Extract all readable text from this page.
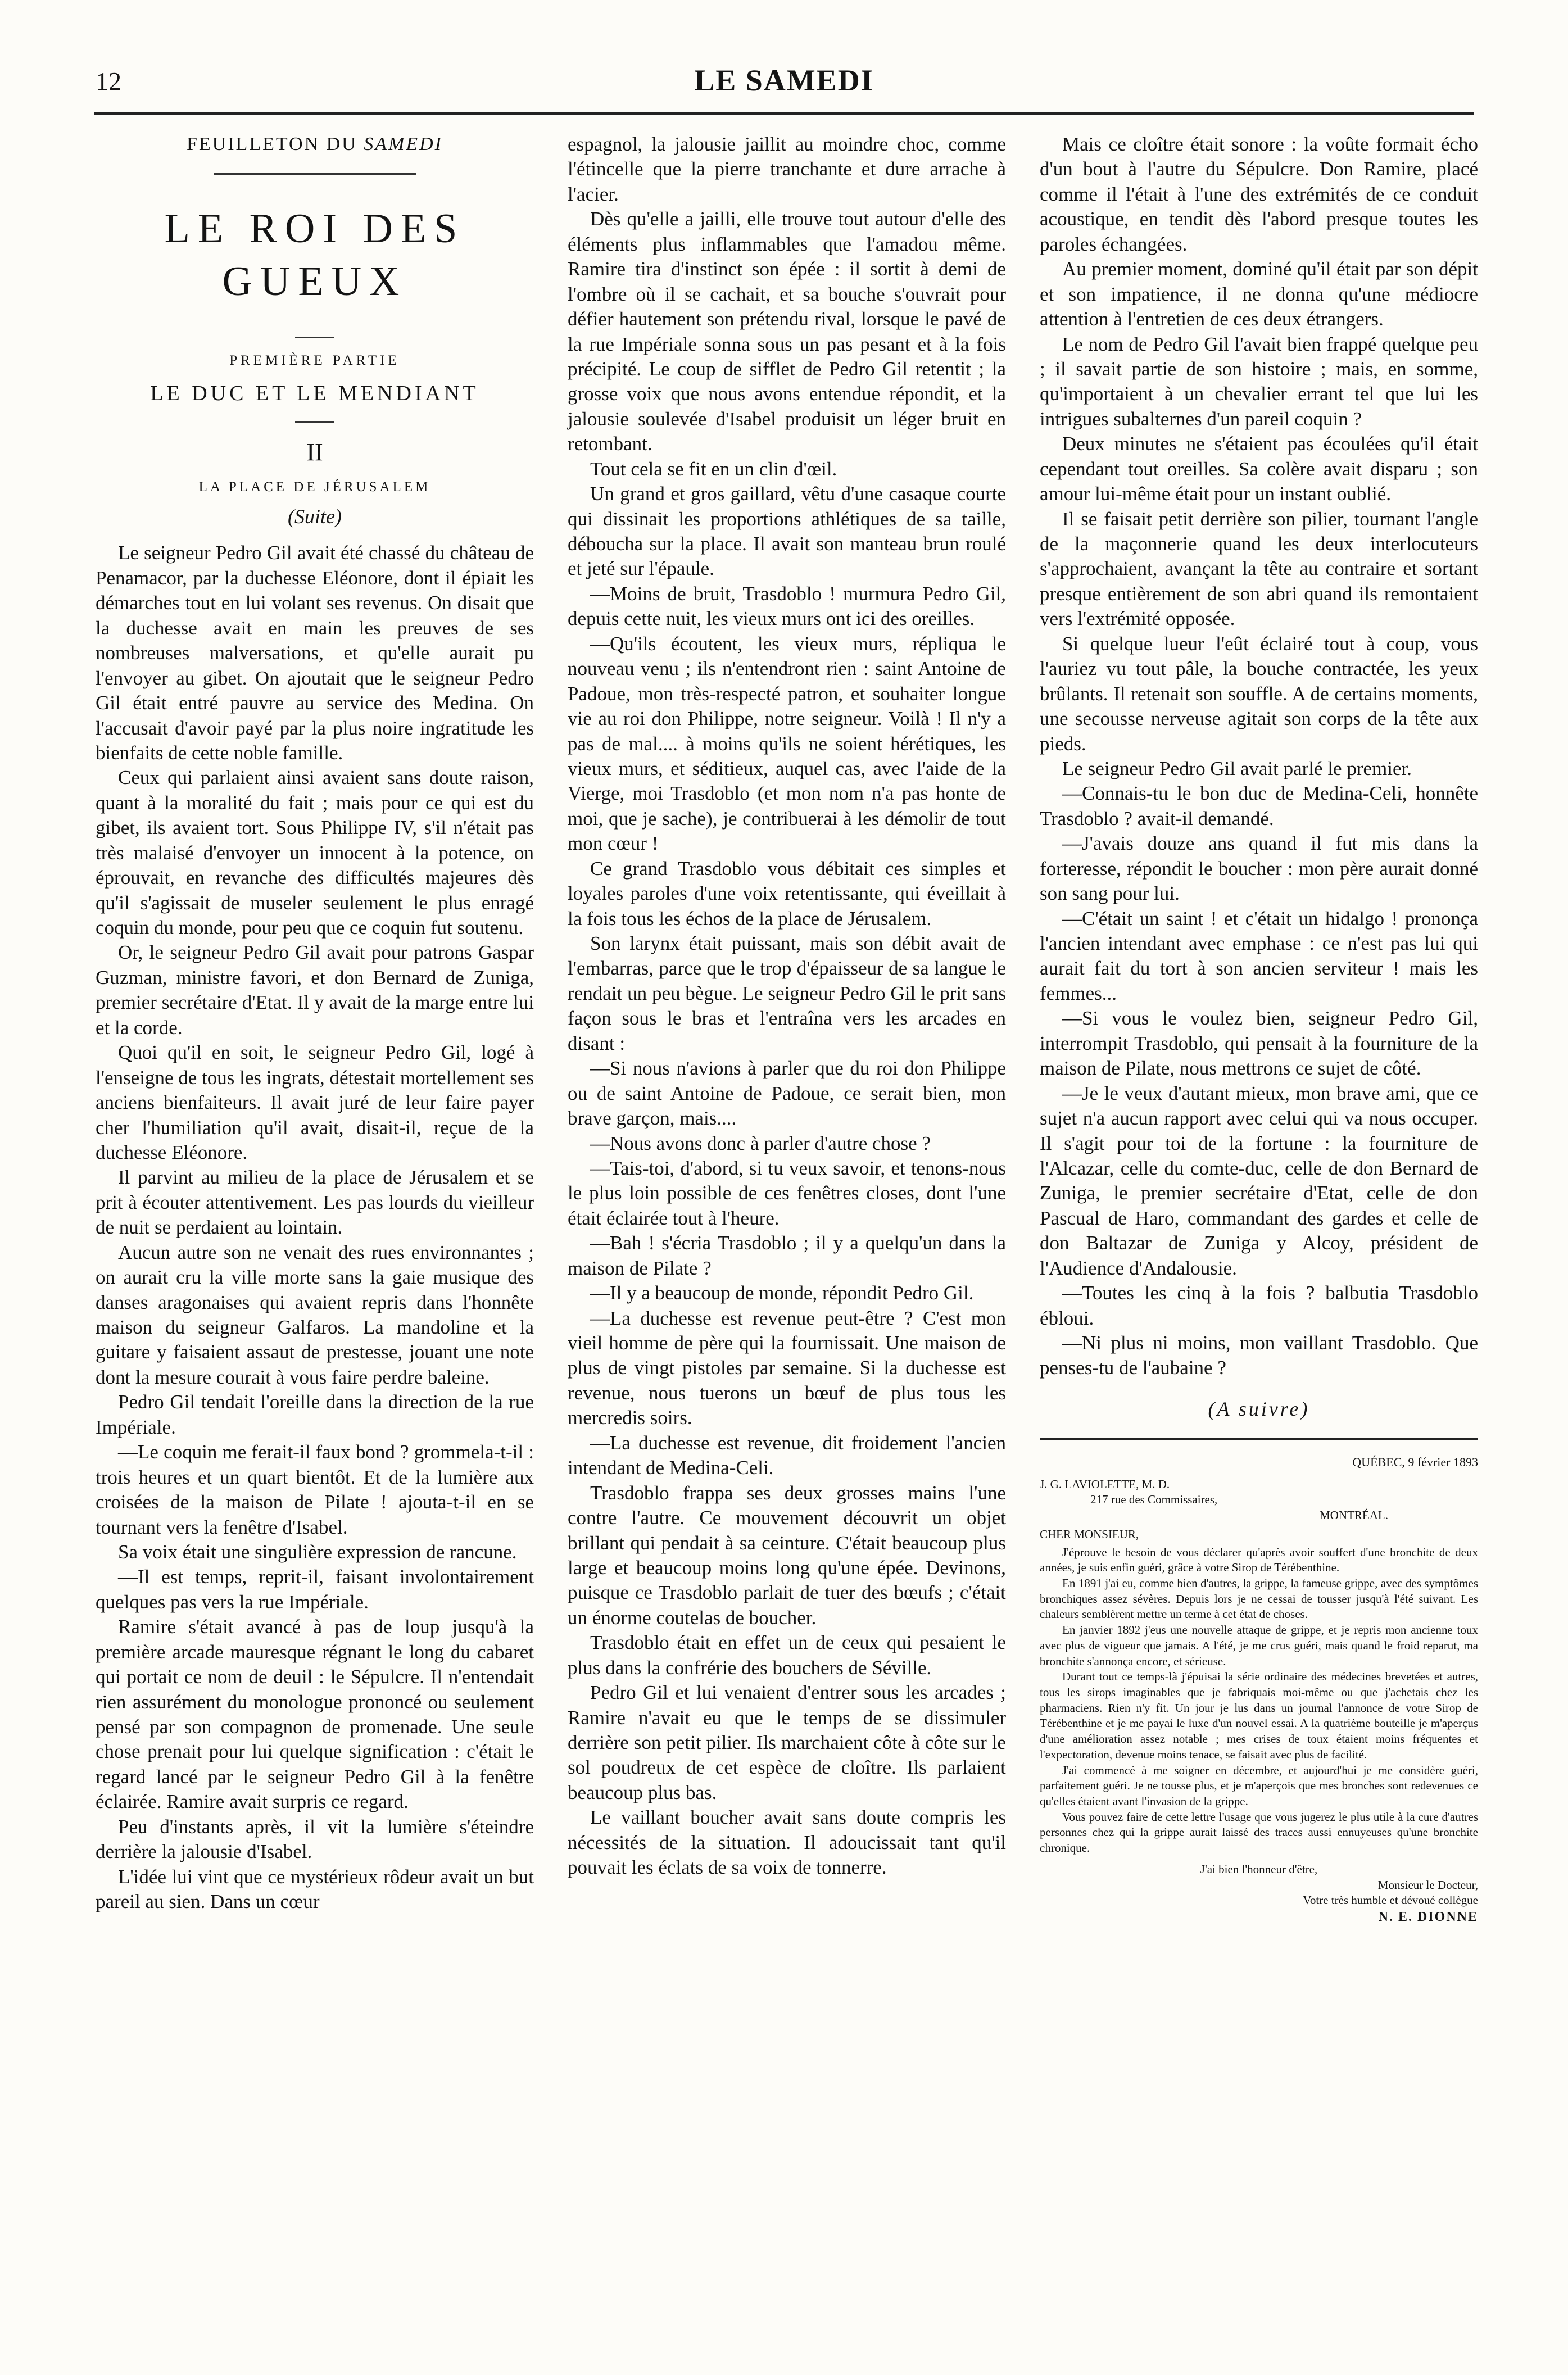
12	LE SAMEDI
FEUILLETON DU SAMEDI
LE ROI DES GUEUX
PREMIÈRE PARTIE
LE DUC ET LE MENDIANT
II
LA PLACE DE JÉRUSALEM
(Suite)

Le seigneur Pedro Gil avait été chassé du château de Penamacor, par la duchesse Eléonore, dont il épiait les démarches tout en lui volant ses revenus. On disait que la duchesse avait en main les preuves de ses nombreuses malversations, et qu'elle aurait pu l'envoyer au gibet. On ajoutait que le seigneur Pedro Gil était entré pauvre au service des Medina. On l'accusait d'avoir payé par la plus noire ingratitude les bienfaits de cette noble famille.

Ceux qui parlaient ainsi avaient sans doute raison, quant à la moralité du fait ; mais pour ce qui est du gibet, ils avaient tort. Sous Philippe IV, s'il n'était pas très malaisé d'envoyer un innocent à la potence, on éprouvait, en revanche des difficultés majeures dès qu'il s'agissait de museler seulement le plus enragé coquin du monde, pour peu que ce coquin fut soutenu.

Or, le seigneur Pedro Gil avait pour patrons Gaspar Guzman, ministre favori, et don Bernard de Zuniga, premier secrétaire d'Etat. Il y avait de la marge entre lui et la corde.

Quoi qu'il en soit, le seigneur Pedro Gil, logé à l'enseigne de tous les ingrats, détestait mortellement ses anciens bienfaiteurs. Il avait juré de leur faire payer cher l'humiliation qu'il avait, disait-il, reçue de la duchesse Eléonore.

Il parvint au milieu de la place de Jérusalem et se prit à écouter attentivement. Les pas lourds du vieilleur de nuit se perdaient au lointain.

Aucun autre son ne venait des rues environnantes ; on aurait cru la ville morte sans la gaie musique des danses aragonaises qui avaient repris dans l'honnête maison du seigneur Galfaros. La mandoline et la guitare y faisaient assaut de prestesse, jouant une note dont la mesure courait à vous faire perdre baleine.

Pedro Gil tendait l'oreille dans la direction de la rue Impériale.

—Le coquin me ferait-il faux bond ? grommela-t-il : trois heures et un quart bientôt. Et de la lumière aux croisées de la maison de Pilate ! ajouta-t-il en se tournant vers la fenêtre d'Isabel.

Sa voix était une singulière expression de rancune.

—Il est temps, reprit-il, faisant involontairement quelques pas vers la rue Impériale.

Ramire s'était avancé à pas de loup jusqu'à la première arcade mauresque régnant le long du cabaret qui portait ce nom de deuil : le Sépulcre. Il n'entendait rien assurément du monologue prononcé ou seulement pensé par son compagnon de promenade. Une seule chose prenait pour lui quelque signification : c'était le regard lancé par le seigneur Pedro Gil à la fenêtre éclairée. Ramire avait surpris ce regard.

Peu d'instants après, il vit la lumière s'éteindre derrière la jalousie d'Isabel.

L'idée lui vint que ce mystérieux rôdeur avait un but pareil au sien. Dans un cœur

espagnol, la jalousie jaillit au moindre choc, comme l'étincelle que la pierre tranchante et dure arrache à l'acier.

Dès qu'elle a jailli, elle trouve tout autour d'elle des éléments plus inflammables que l'amadou même. Ramire tira d'instinct son épée : il sortit à demi de l'ombre où il se cachait, et sa bouche s'ouvrait pour défier hautement son prétendu rival, lorsque le pavé de la rue Impériale sonna sous un pas pesant et à la fois précipité. Le coup de sifflet de Pedro Gil retentit ; la grosse voix que nous avons entendue répondit, et la jalousie soulevée d'Isabel produisit un léger bruit en retombant.

Tout cela se fit en un clin d'œil.

Un grand et gros gaillard, vêtu d'une casaque courte qui dissinait les proportions athlétiques de sa taille, déboucha sur la place. Il avait son manteau brun roulé et jeté sur l'épaule.

—Moins de bruit, Trasdoblo ! murmura Pedro Gil, depuis cette nuit, les vieux murs ont ici des oreilles.

—Qu'ils écoutent, les vieux murs, répliqua le nouveau venu ; ils n'entendront rien : saint Antoine de Padoue, mon très-respecté patron, et souhaiter longue vie au roi don Philippe, notre seigneur. Voilà ! Il n'y a pas de mal.... à moins qu'ils ne soient hérétiques, les vieux murs, et séditieux, auquel cas, avec l'aide de la Vierge, moi Trasdoblo (et mon nom n'a pas honte de moi, que je sache), je contribuerai à les démolir de tout mon cœur !

Ce grand Trasdoblo vous débitait ces simples et loyales paroles d'une voix retentissante, qui éveillait à la fois tous les échos de la place de Jérusalem.

Son larynx était puissant, mais son débit avait de l'embarras, parce que le trop d'épaisseur de sa langue le rendait un peu bègue. Le seigneur Pedro Gil le prit sans façon sous le bras et l'entraîna vers les arcades en disant :

—Si nous n'avions à parler que du roi don Philippe ou de saint Antoine de Padoue, ce serait bien, mon brave garçon, mais....

—Nous avons donc à parler d'autre chose ?

—Tais-toi, d'abord, si tu veux savoir, et tenons-nous le plus loin possible de ces fenêtres closes, dont l'une était éclairée tout à l'heure.

—Bah ! s'écria Trasdoblo ; il y a quelqu'un dans la maison de Pilate ?

—Il y a beaucoup de monde, répondit Pedro Gil.

—La duchesse est revenue peut-être ? C'est mon vieil homme de père qui la fournissait. Une maison de plus de vingt pistoles par semaine. Si la duchesse est revenue, nous tuerons un bœuf de plus tous les mercredis soirs.

—La duchesse est revenue, dit froidement l'ancien intendant de Medina-Celi.

Trasdoblo frappa ses deux grosses mains l'une contre l'autre. Ce mouvement découvrit un objet brillant qui pendait à sa ceinture. C'était beaucoup plus large et beaucoup moins long qu'une épée. Devinons, puisque ce Trasdoblo parlait de tuer des bœufs ; c'était un énorme coutelas de boucher.

Trasdoblo était en effet un de ceux qui pesaient le plus dans la confrérie des bouchers de Séville.

Pedro Gil et lui venaient d'entrer sous les arcades ; Ramire n'avait eu que le temps de se dissimuler derrière son petit pilier. Ils marchaient côte à côte sur le sol poudreux de cet espèce de cloître. Ils parlaient beaucoup plus bas.

Le vaillant boucher avait sans doute compris les nécessités de la situation. Il adoucissait tant qu'il pouvait les éclats de sa voix de tonnerre.

Mais ce cloître était sonore : la voûte formait écho d'un bout à l'autre du Sépulcre. Don Ramire, placé comme il l'était à l'une des extrémités de ce conduit acoustique, en tendit dès l'abord presque toutes les paroles échangées.

Au premier moment, dominé qu'il était par son dépit et son impatience, il ne donna qu'une médiocre attention à l'entretien de ces deux étrangers.

Le nom de Pedro Gil l'avait bien frappé quelque peu ; il savait partie de son histoire ; mais, en somme, qu'importaient à un chevalier errant tel que lui les intrigues subalternes d'un pareil coquin ?

Deux minutes ne s'étaient pas écoulées qu'il était cependant tout oreilles. Sa colère avait disparu ; son amour lui-même était pour un instant oublié.

Il se faisait petit derrière son pilier, tournant l'angle de la maçonnerie quand les deux interlocuteurs s'approchaient, avançant la tête au contraire et sortant presque entièrement de son abri quand ils remontaient vers l'extrémité opposée.

Si quelque lueur l'eût éclairé tout à coup, vous l'auriez vu tout pâle, la bouche contractée, les yeux brûlants. Il retenait son souffle. A de certains moments, une secousse nerveuse agitait son corps de la tête aux pieds.

Le seigneur Pedro Gil avait parlé le premier.

—Connais-tu le bon duc de Medina-Celi, honnête Trasdoblo ? avait-il demandé.

—J'avais douze ans quand il fut mis dans la forteresse, répondit le boucher : mon père aurait donné son sang pour lui.

—C'était un saint ! et c'était un hidalgo ! prononça l'ancien intendant avec emphase : ce n'est pas lui qui aurait fait du tort à son ancien serviteur ! mais les femmes...

—Si vous le voulez bien, seigneur Pedro Gil, interrompit Trasdoblo, qui pensait à la fourniture de la maison de Pilate, nous mettrons ce sujet de côté.

—Je le veux d'autant mieux, mon brave ami, que ce sujet n'a aucun rapport avec celui qui va nous occuper. Il s'agit pour toi de la fortune : la fourniture de l'Alcazar, celle du comte-duc, celle de don Bernard de Zuniga, le premier secrétaire d'Etat, celle de don Pascual de Haro, commandant des gardes et celle de don Baltazar de Zuniga y Alcoy, président de l'Audience d'Andalousie.

—Toutes les cinq à la fois ? balbutia Trasdoblo ébloui.

—Ni plus ni moins, mon vaillant Trasdoblo. Que penses-tu de l'aubaine ?

(A suivre)
QUÉBEC, 9 février 1893
J. G. LAVIOLETTE, M. D.
217 rue des Commissaires,
MONTRÉAL.
CHER MONSIEUR,

J'éprouve le besoin de vous déclarer qu'après avoir souffert d'une bronchite de deux années, je suis enfin guéri, grâce à votre Sirop de Térébenthine.

En 1891 j'ai eu, comme bien d'autres, la grippe, la fameuse grippe, avec des symptômes bronchiques assez sévères. Depuis lors je ne cessai de tousser jusqu'à l'été suivant. Les chaleurs semblèrent mettre un terme à cet état de choses.

En janvier 1892 j'eus une nouvelle attaque de grippe, et je repris mon ancienne toux avec plus de vigueur que jamais. A l'été, je me crus guéri, mais quand le froid reparut, ma bronchite s'annonça encore, et sérieuse.

Durant tout ce temps-là j'épuisai la série ordinaire des médecines brevetées et autres, tous les sirops imaginables que je fabriquais moi-même ou que j'achetais chez les pharmaciens. Rien n'y fit. Un jour je lus dans un journal l'annonce de votre Sirop de Térébenthine et je me payai le luxe d'un nouvel essai. A la quatrième bouteille je m'aperçus d'une amélioration assez notable ; mes crises de toux étaient moins fréquentes et l'expectoration, devenue moins tenace, se faisait avec plus de facilité.

J'ai commencé à me soigner en décembre, et aujourd'hui je me considère guéri, parfaitement guéri. Je ne tousse plus, et je m'aperçois que mes bronches sont redevenues ce qu'elles étaient avant l'invasion de la grippe.

Vous pouvez faire de cette lettre l'usage que vous jugerez le plus utile à la cure d'autres personnes chez qui la grippe aurait laissé des traces aussi ennuyeuses qu'une bronchite chronique.

J'ai bien l'honneur d'être,
Monsieur le Docteur,
Votre très humble et dévoué collègue
N. E. DIONNE
